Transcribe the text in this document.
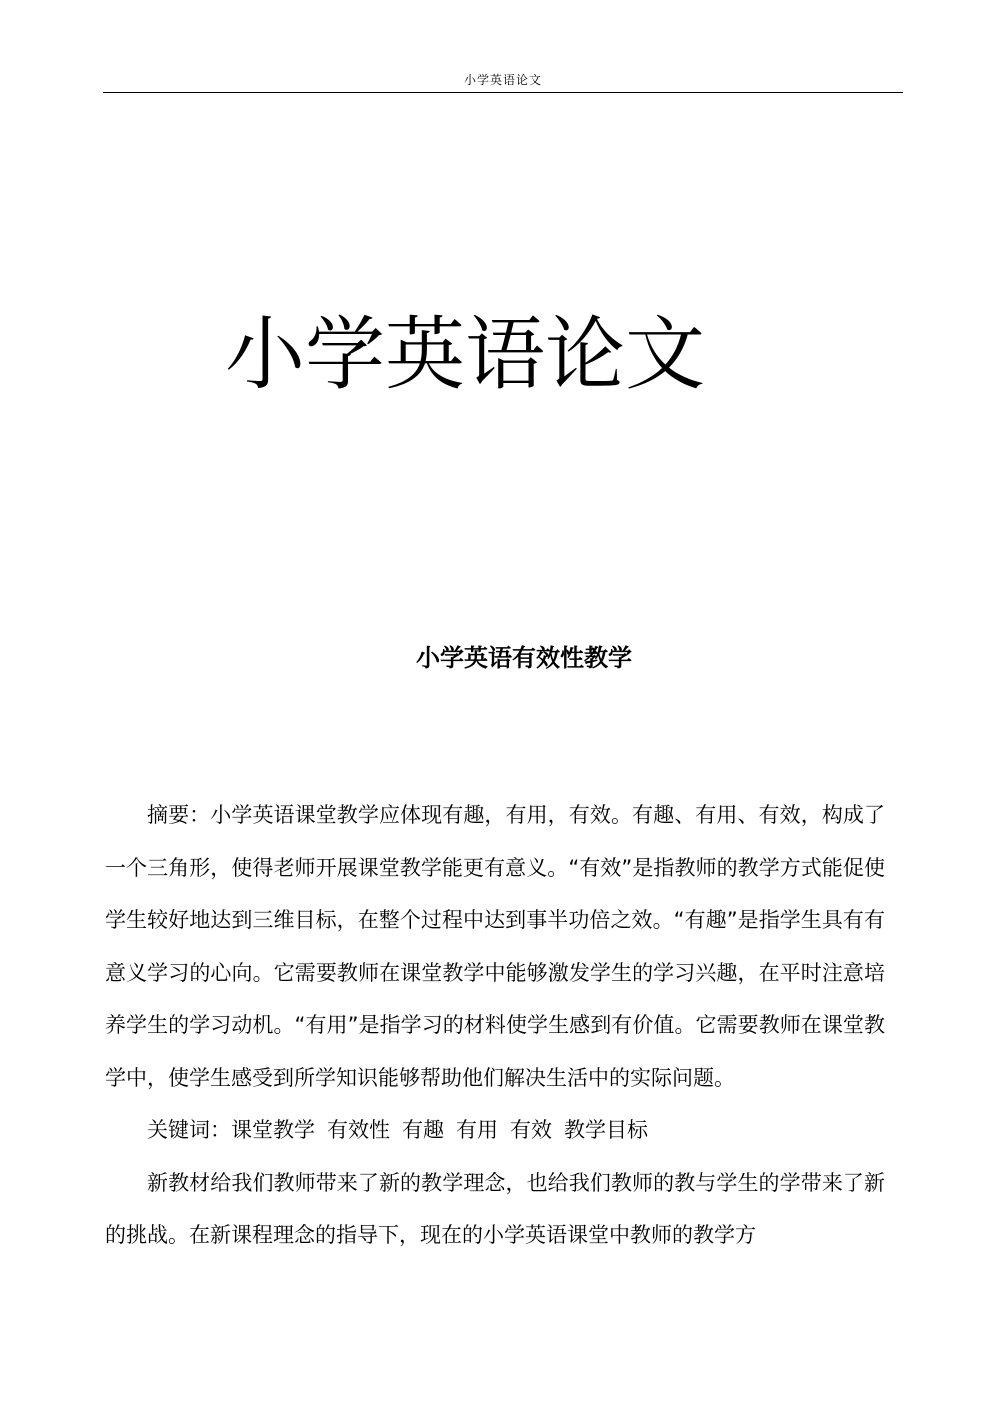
小学英语论文
小学英语论文
小学英语有效性教学

摘要：小学英语课堂教学应体现有趣，有用，有效。有趣、有用、有效，构成了一个三角形，使得老师开展课堂教学能更有意义。“有效”是指教师的教学方式能促使学生较好地达到三维目标，在整个过程中达到事半功倍之效。“有趣”是指学生具有有意义学习的心向。它需要教师在课堂教学中能够激发学生的学习兴趣，在平时注意培养学生的学习动机。“有用”是指学习的材料使学生感到有价值。它需要教师在课堂教学中，使学生感受到所学知识能够帮助他们解决生活中的实际问题。

关键词：课堂教学 有效性 有趣 有用 有效 教学目标

新教材给我们教师带来了新的教学理念，也给我们教师的教与学生的学带来了新的挑战。在新课程理念的指导下，现在的小学英语课堂中教师的教学方
